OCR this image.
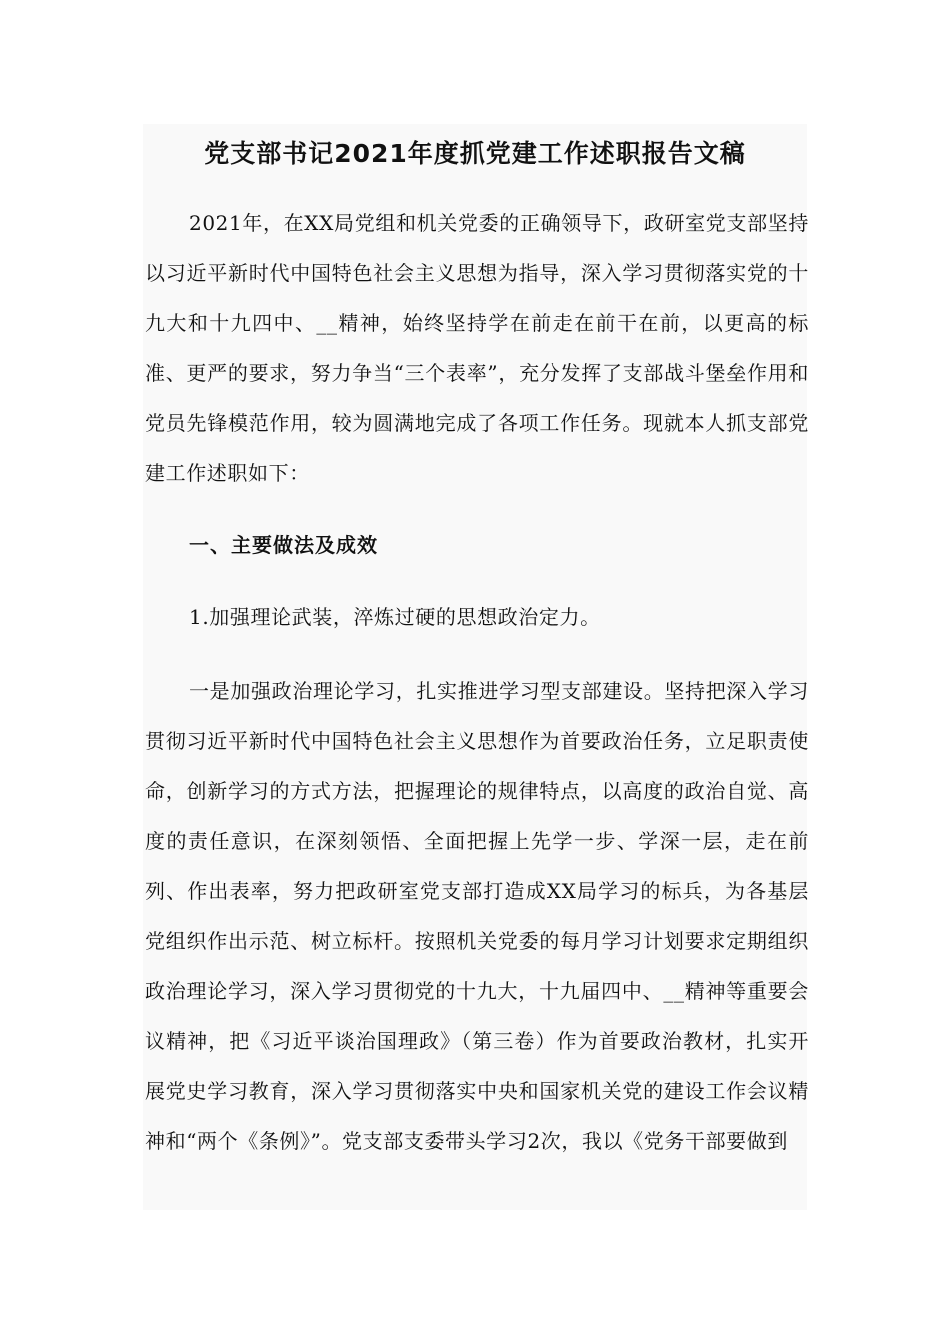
党支部书记2021年度抓党建工作述职报告文稿

2021年，在XX局党组和机关党委的正确领导下，政研室党支部坚持以习近平新时代中国特色社会主义思想为指导，深入学习贯彻落实党的十九大和十九四中、__精神，始终坚持学在前走在前干在前，以更高的标准、更严的要求，努力争当“三个表率”，充分发挥了支部战斗堡垒作用和党员先锋模范作用，较为圆满地完成了各项工作任务。现就本人抓支部党建工作述职如下：

一、主要做法及成效
1.加强理论武装，淬炼过硬的思想政治定力。

一是加强政治理论学习，扎实推进学习型支部建设。坚持把深入学习贯彻习近平新时代中国特色社会主义思想作为首要政治任务，立足职责使命，创新学习的方式方法，把握理论的规律特点，以高度的政治自觉、高度的责任意识，在深刻领悟、全面把握上先学一步、学深一层，走在前列、作出表率，努力把政研室党支部打造成XX局学习的标兵，为各基层党组织作出示范、树立标杆。按照机关党委的每月学习计划要求定期组织政治理论学习，深入学习贯彻党的十九大，十九届四中、__精神等重要会议精神，把《习近平谈治国理政》（第三卷）作为首要政治教材，扎实开展党史学习教育，深入学习贯彻落实中央和国家机关党的建设工作会议精神和“两个《条例》”。党支部支委带头学习2次，我以《党务干部要做到
